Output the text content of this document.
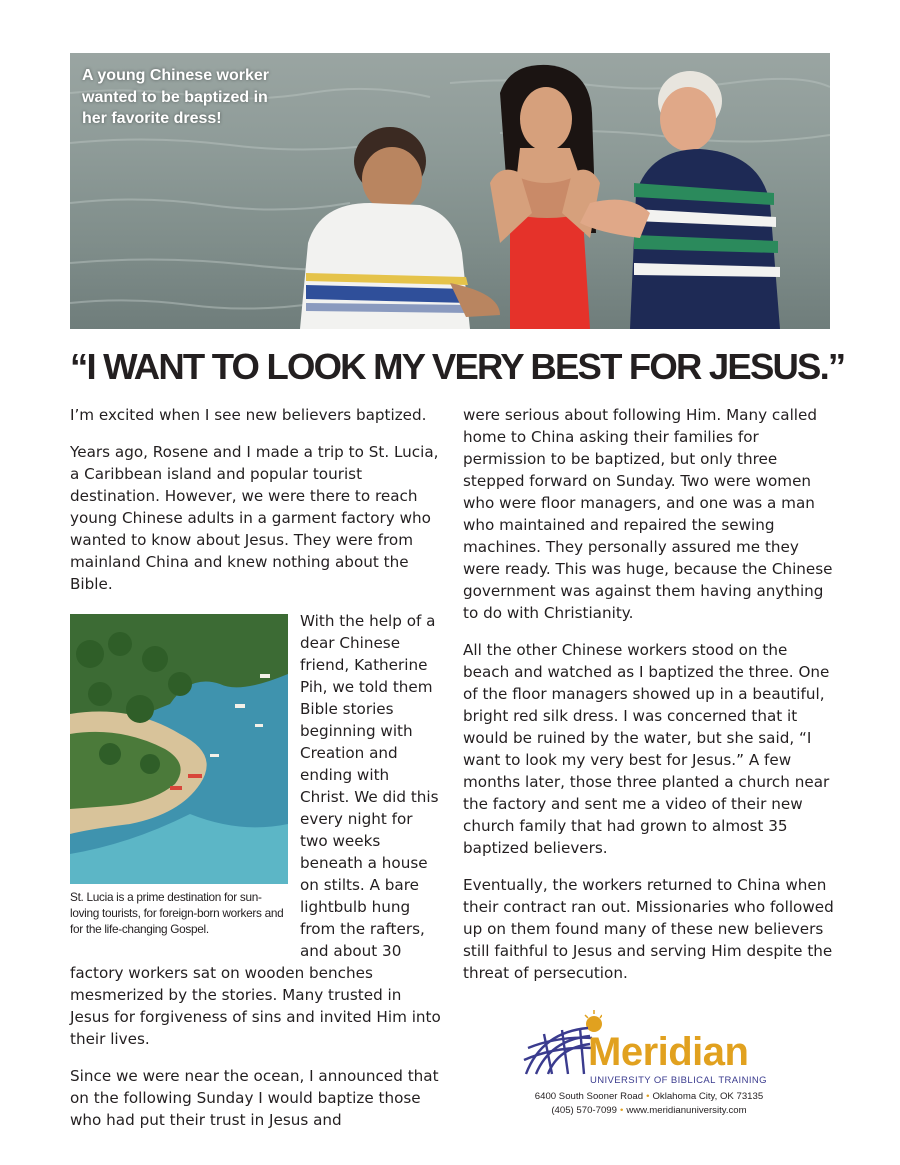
A young Chinese worker wanted to be baptized in her favorite dress!
“I WANT TO LOOK MY VERY BEST FOR JESUS.”

I’m excited when I see new believers baptized.

Years ago, Rosene and I made a trip to St. Lucia, a Caribbean island and popular tourist destination. However, we were there to reach young Chinese adults in a garment factory who wanted to know about Jesus. They were from mainland China and knew nothing about the Bible.

St. Lucia is a prime destination for sun-loving tourists, for foreign-born workers and for the life-changing Gospel.

With the help of a dear Chinese friend, Katherine Pih, we told them Bible stories beginning with Creation and ending with Christ. We did this every night for two weeks beneath a house on stilts. A bare lightbulb hung from the rafters, and about 30 factory workers sat on wooden benches mesmerized by the stories. Many trusted in Jesus for forgiveness of sins and invited Him into their lives.

Since we were near the ocean, I announced that on the following Sunday I would baptize those who had put their trust in Jesus and

were serious about following Him. Many called home to China asking their families for permission to be baptized, but only three stepped forward on Sunday. Two were women who were floor managers, and one was a man who maintained and repaired the sewing machines. They personally assured me they were ready. This was huge, because the Chinese government was against them having anything to do with Christianity.

All the other Chinese workers stood on the beach and watched as I baptized the three. One of the floor managers showed up in a beautiful, bright red silk dress. I was concerned that it would be ruined by the water, but she said, “I want to look my very best for Jesus.” A few months later, those three planted a church near the factory and sent me a video of their new church family that had grown to almost 35 baptized believers.

Eventually, the workers returned to China when their contract ran out. Missionaries who followed up on them found many of these new believers still faithful to Jesus and serving Him despite the threat of persecution.

Meridian
UNIVERSITY OF BIBLICAL TRAINING
6400 South Sooner Road • Oklahoma City, OK 73135
(405) 570-7099 • www.meridianuniversity.com
